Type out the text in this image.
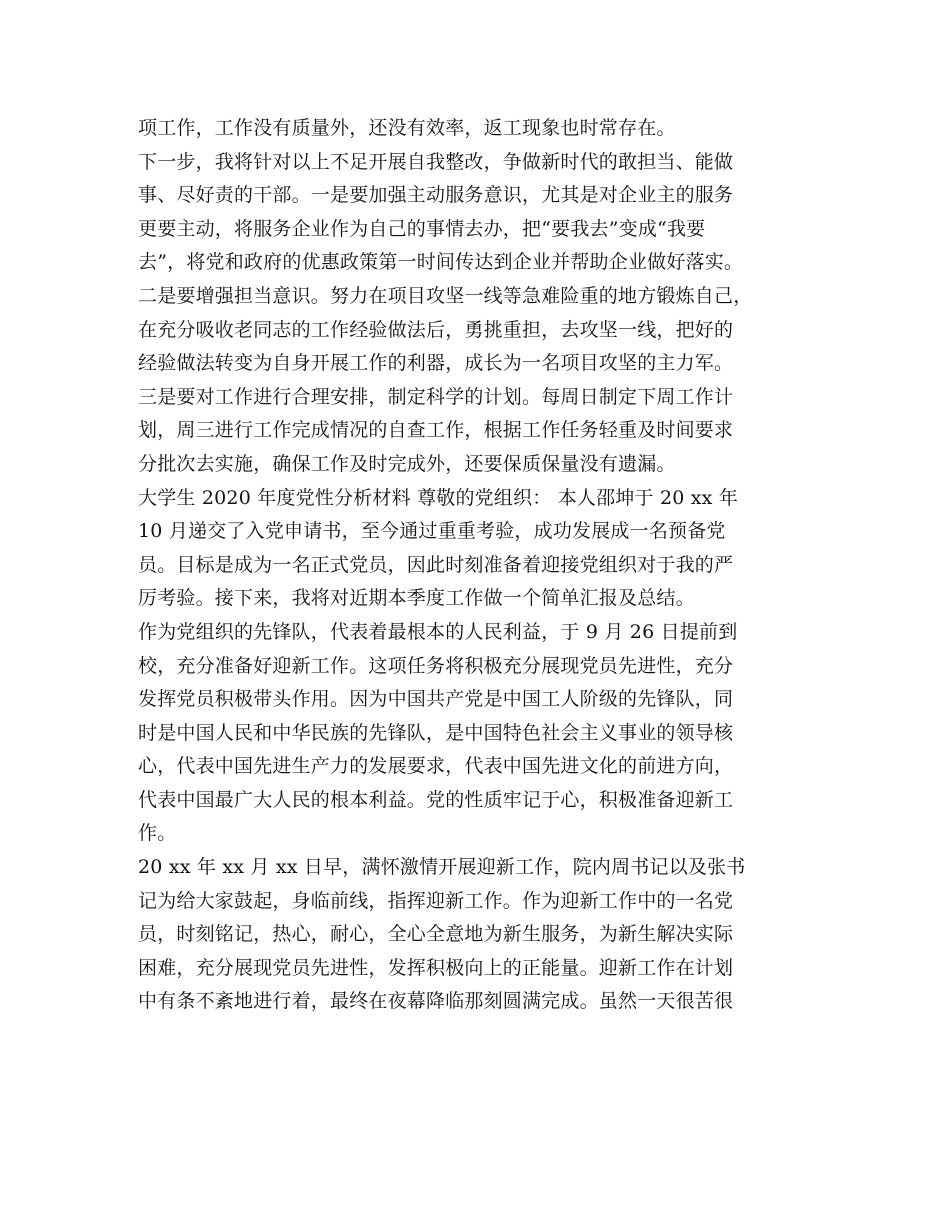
项工作，工作没有质量外，还没有效率，返工现象也时常存在。
下一步，我将针对以上不足开展自我整改，争做新时代的敢担当、能做
事、尽好责的干部。一是要加强主动服务意识，尤其是对企业主的服务
更要主动，将服务企业作为自己的事情去办，把“要我去”变成“我要
去”，将党和政府的优惠政策第一时间传达到企业并帮助企业做好落实。
二是要增强担当意识。努力在项目攻坚一线等急难险重的地方锻炼自己，
在充分吸收老同志的工作经验做法后，勇挑重担，去攻坚一线，把好的
经验做法转变为自身开展工作的利器，成长为一名项目攻坚的主力军。
三是要对工作进行合理安排，制定科学的计划。每周日制定下周工作计
划，周三进行工作完成情况的自查工作，根据工作任务轻重及时间要求
分批次去实施，确保工作及时完成外，还要保质保量没有遗漏。
大学生 2020 年度党性分析材料 尊敬的党组织： 本人邵坤于 20 xx 年
10 月递交了入党申请书，至今通过重重考验，成功发展成一名预备党
员。目标是成为一名正式党员，因此时刻准备着迎接党组织对于我的严
厉考验。接下来，我将对近期本季度工作做一个简单汇报及总结。
作为党组织的先锋队，代表着最根本的人民利益，于 9 月 26 日提前到
校，充分准备好迎新工作。这项任务将积极充分展现党员先进性，充分
发挥党员积极带头作用。因为中国共产党是中国工人阶级的先锋队，同
时是中国人民和中华民族的先锋队，是中国特色社会主义事业的领导核
心，代表中国先进生产力的发展要求，代表中国先进文化的前进方向，
代表中国最广大人民的根本利益。党的性质牢记于心，积极准备迎新工
作。
20 xx 年 xx 月 xx 日早，满怀激情开展迎新工作，院内周书记以及张书
记为给大家鼓起，身临前线，指挥迎新工作。作为迎新工作中的一名党
员，时刻铭记，热心，耐心，全心全意地为新生服务，为新生解决实际
困难，充分展现党员先进性，发挥积极向上的正能量。迎新工作在计划
中有条不紊地进行着，最终在夜幕降临那刻圆满完成。虽然一天很苦很
